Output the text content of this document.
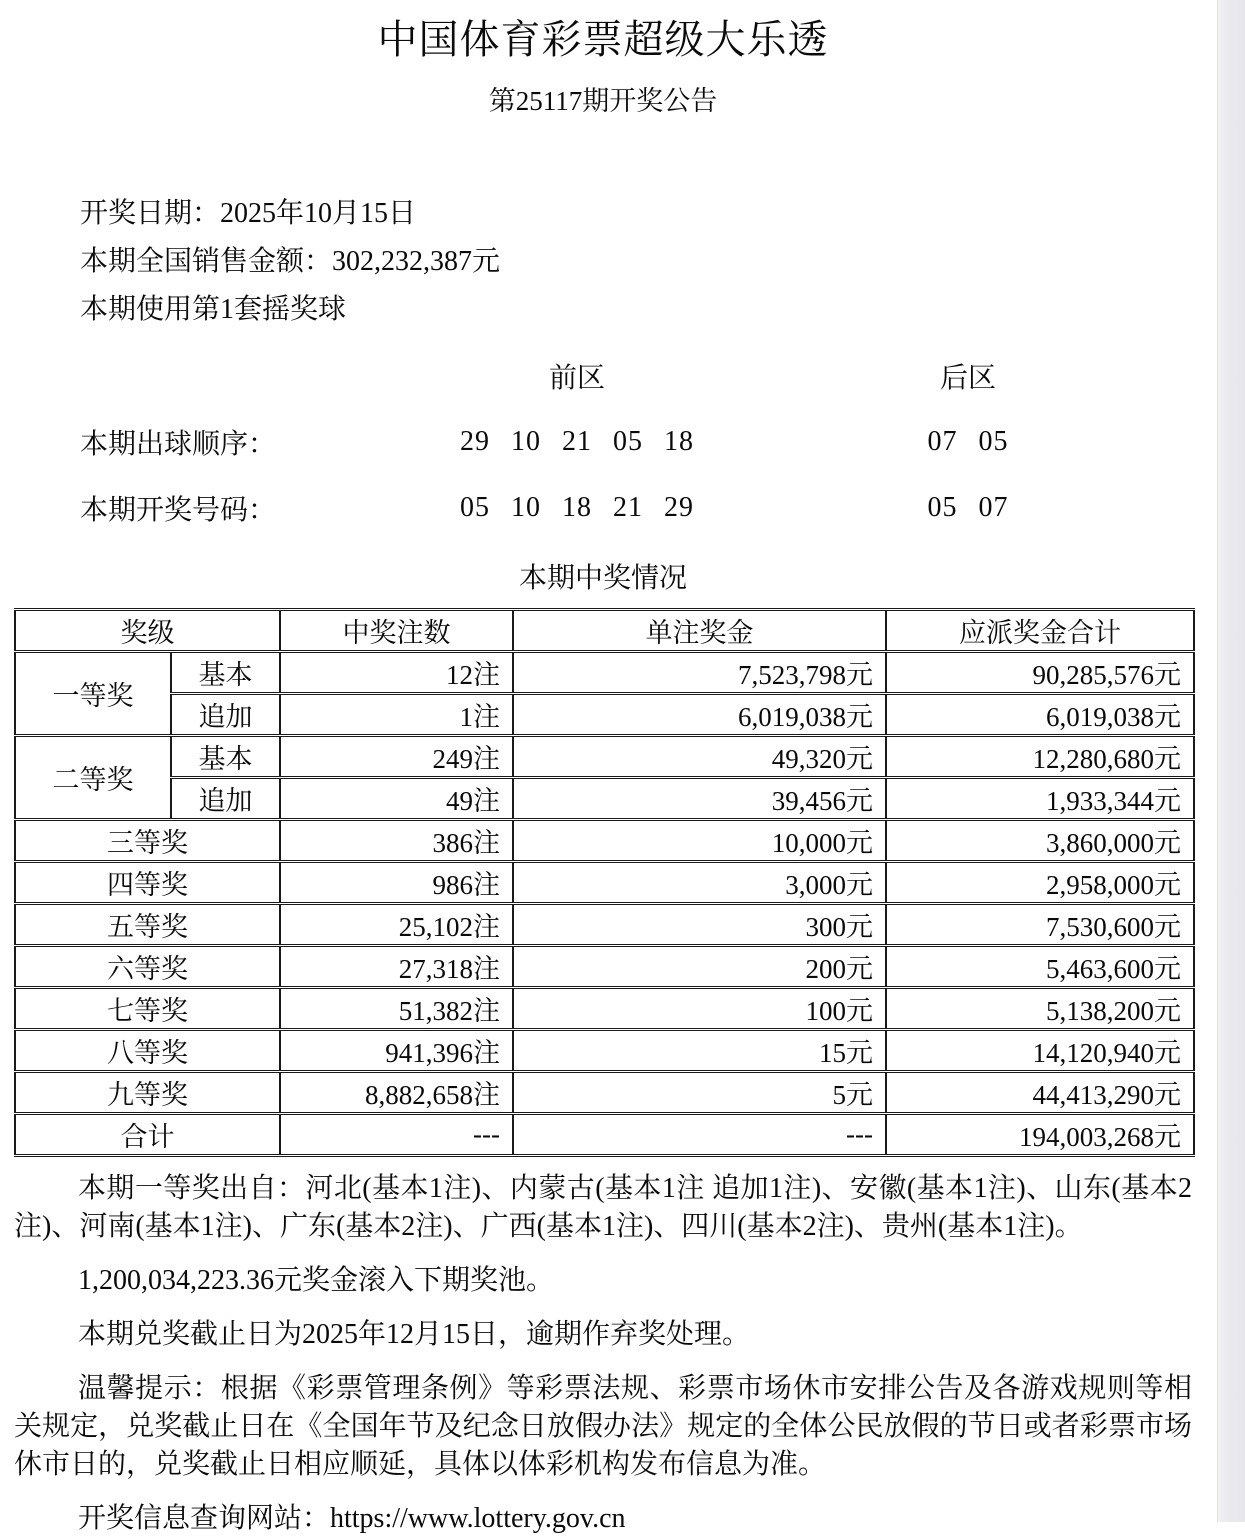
中国体育彩票超级大乐透
第25117期开奖公告

开奖日期：2025年10月15日

本期全国销售金额：302,232,387元

本期使用第1套摇奖球

前区	后区
本期出球顺序：	29 10 21 05 18	07 05
本期开奖号码：	05 10 18 21 29	05 07
本期中奖情况
奖级		中奖注数	单注奖金	应派奖金合计
一等奖	基本	12注	7,523,798元	90,285,576元
	追加	1注	6,019,038元	6,019,038元
二等奖	基本	249注	49,320元	12,280,680元
	追加	49注	39,456元	1,933,344元
三等奖		386注	10,000元	3,860,000元
四等奖		986注	3,000元	2,958,000元
五等奖		25,102注	300元	7,530,600元
六等奖		27,318注	200元	5,463,600元
七等奖		51,382注	100元	5,138,200元
八等奖		941,396注	15元	14,120,940元
九等奖		8,882,658注	5元	44,413,290元
合计		---	---	194,003,268元

本期一等奖出自：河北(基本1注)、内蒙古(基本1注 追加1注)、安徽(基本1注)、山东(基本2注)、河南(基本1注)、广东(基本2注)、广西(基本1注)、四川(基本2注)、贵州(基本1注)。

1,200,034,223.36元奖金滚入下期奖池。

本期兑奖截止日为2025年12月15日，逾期作弃奖处理。

温馨提示：根据《彩票管理条例》等彩票法规、彩票市场休市安排公告及各游戏规则等相关规定，兑奖截止日在《全国年节及纪念日放假办法》规定的全体公民放假的节日或者彩票市场休市日的，兑奖截止日相应顺延，具体以体彩机构发布信息为准。

开奖信息查询网站：https://www.lottery.gov.cn
